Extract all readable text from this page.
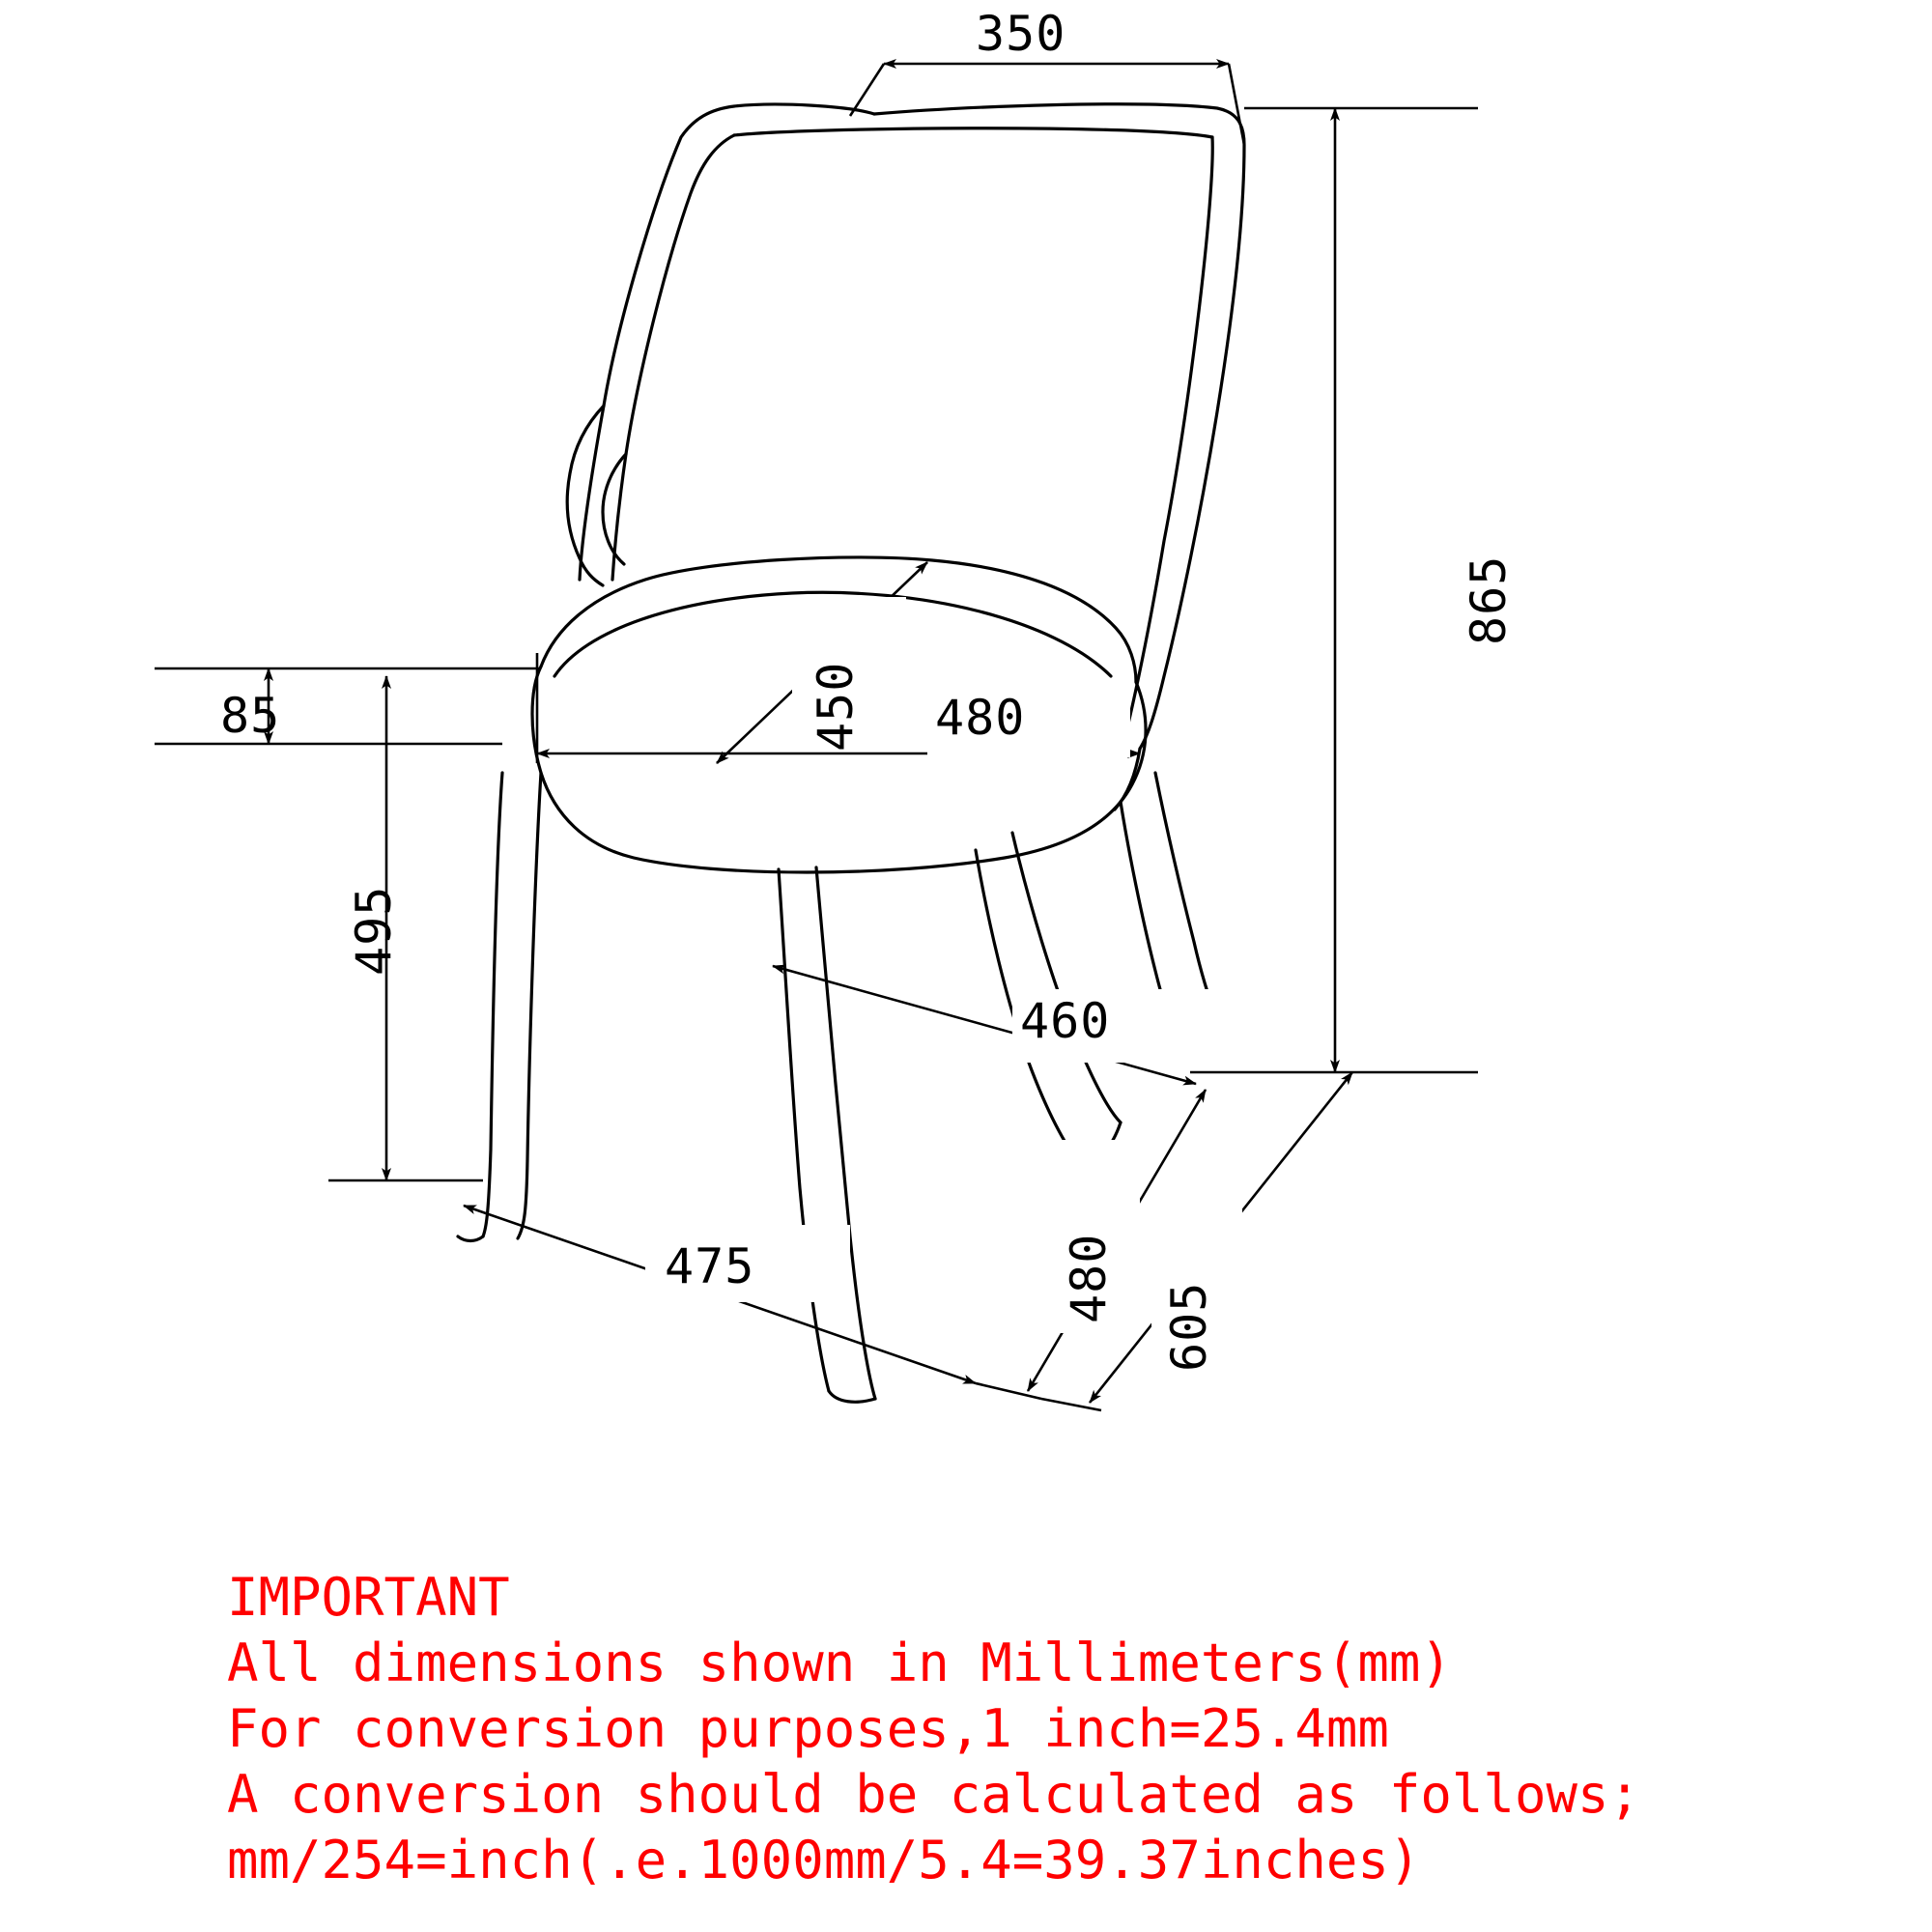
350
865
450 480
85
495
460
480
605
475
IMPORTANT
All dimensions shown in Millimeters(mm)
For conversion purposes,1 inch=25.4mm
A conversion should be calculated as follows;
mm/254=inch(.e.1000mm/5.4=39.37inches)
